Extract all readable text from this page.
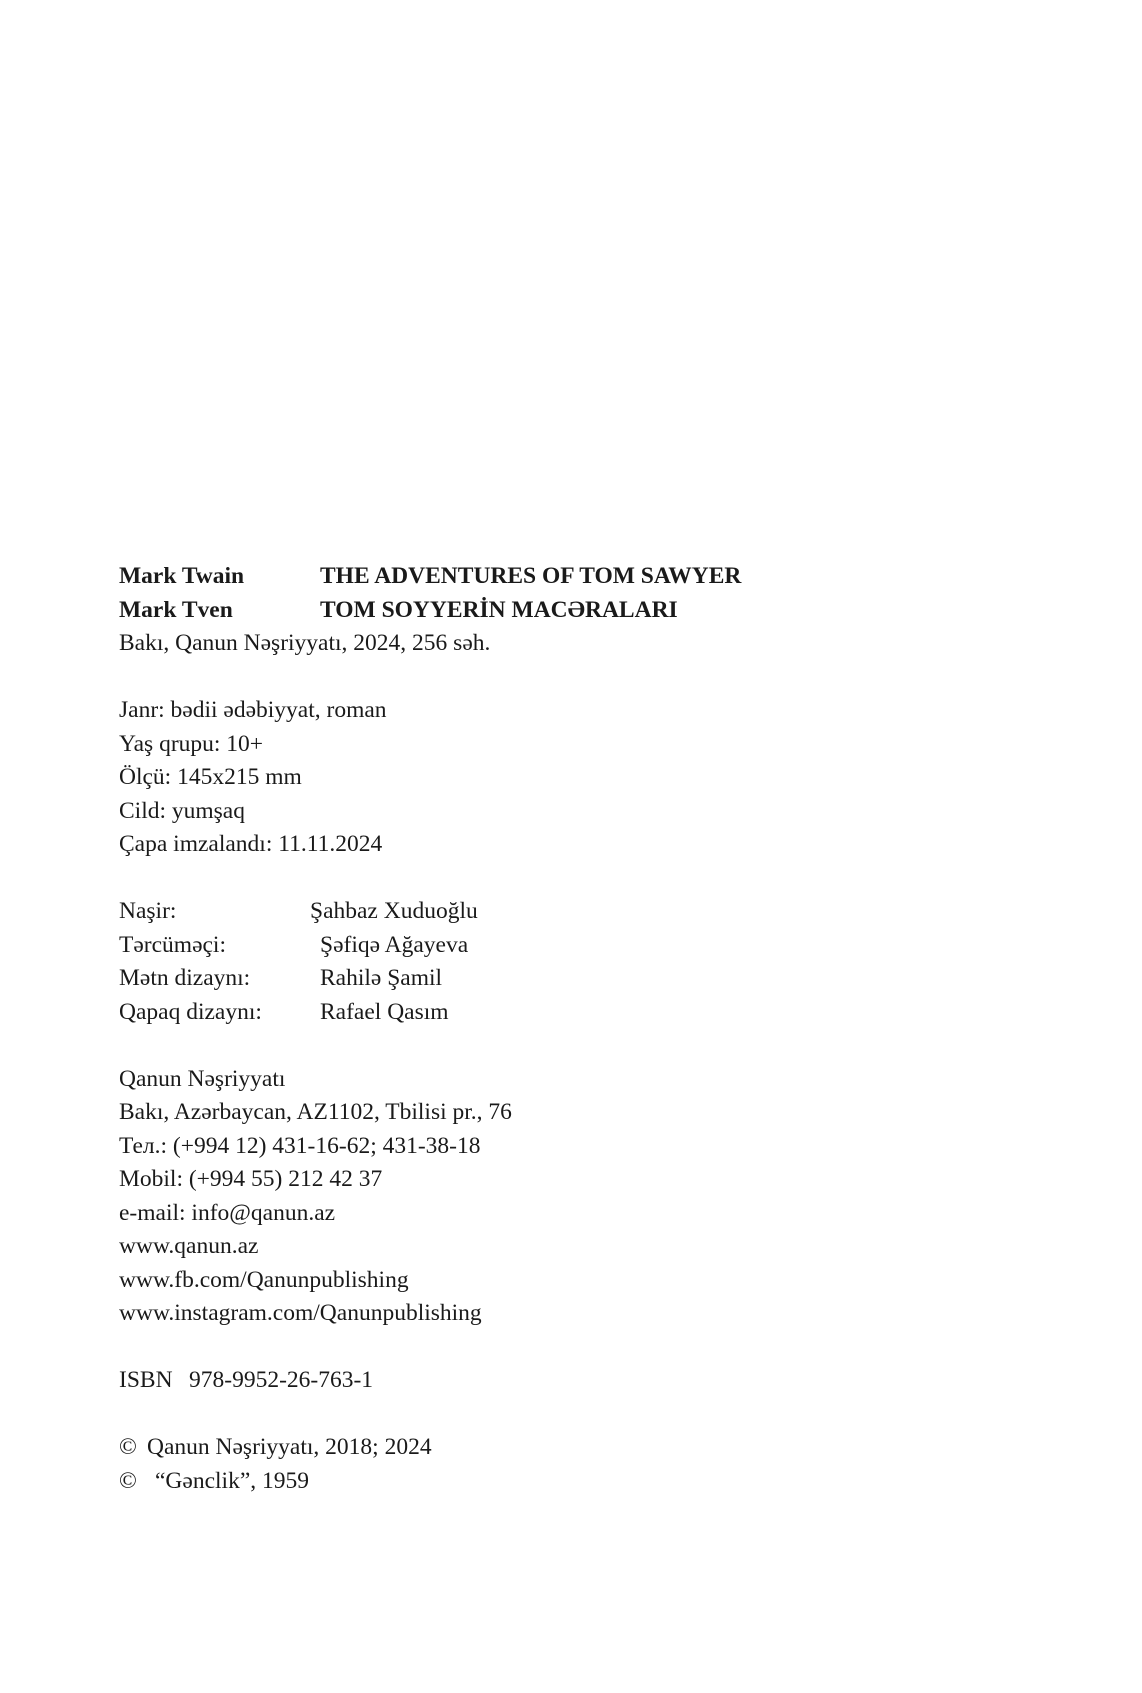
Mark Twain	THE ADVENTURES OF TOM SAWYER
Mark Tven	TOM SOYYERİN MACƏRALARI
Bakı, Qanun Nəşriyyatı, 2024, 256 səh.
Janr: bədii ədəbiyyat, roman
Yaş qrupu: 10+
Ölçü: 145x215 mm
Cild: yumşaq
Çapa imzalandı: 11.11.2024
Naşir:	Şahbaz Xuduoğlu
Tərcüməçi:	Şəfiqə Ağayeva
Mətn dizaynı:	Rahilə Şamil
Qapaq dizaynı: Rafael Qasım
Qanun Nəşriyyatı
Bakı, Azərbaycan, AZ1102, Tbilisi pr., 76
Тел.: (+994 12) 431-16-62; 431-38-18
Mobil: (+994 55) 212 42 37
e-mail: info@qanun.az
www.qanun.az
www.fb.com/Qanunpublishing
www.instagram.com/Qanunpublishing
ISBN 978-9952-26-763-1
© Qanun Nəşriyyatı, 2018; 2024
© “Gənclik”, 1959
